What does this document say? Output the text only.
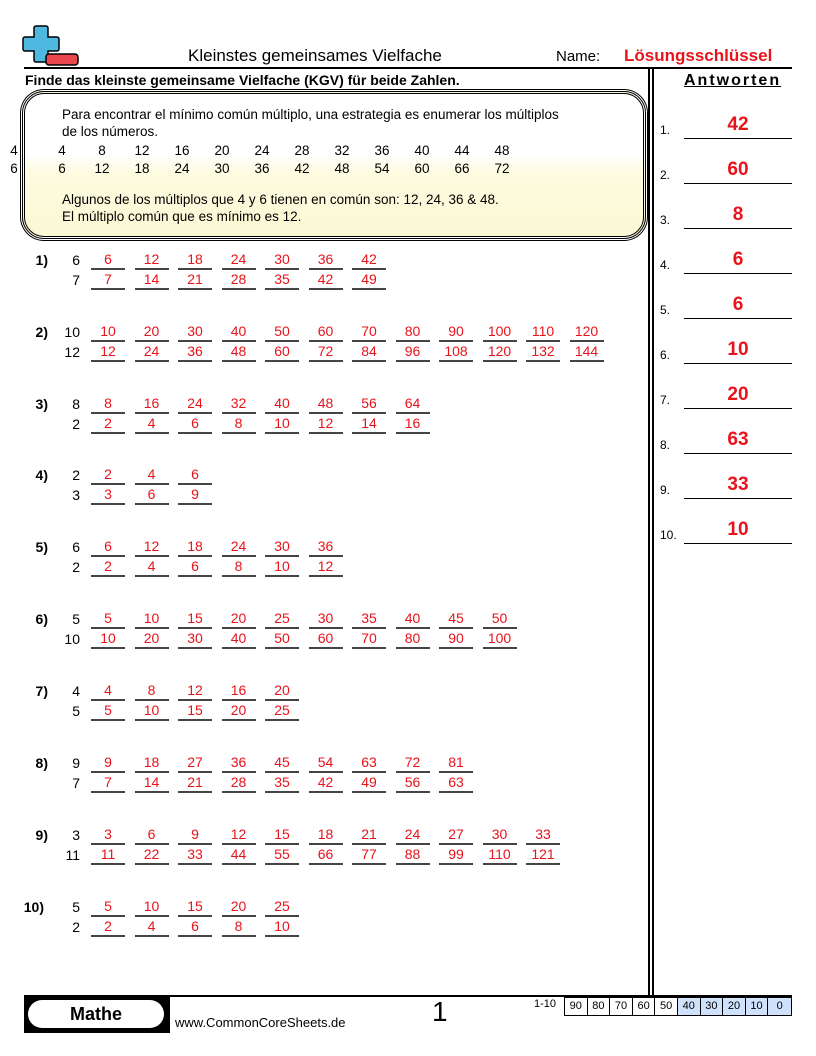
Kleinstes gemeinsames Vielfache	Name: Lösungsschlüssel
Finde das kleinste gemeinsame Vielfache (KGV) für beide Zahlen.	Antworten
Para encontrar el mínimo común múltiplo, una estrategia es enumerar los múltiplos
de los números.
4	4	8	12	16	20	24	28	32	36	40	44	48
6	6	12	18	24	30	36	42	48	54	60	66	72
Algunos de los múltiplos que 4 y 6 tienen en común son: 12, 24, 36 & 48.
El múltiplo común que es mínimo es 12.
1)	6	6	12	18	24	30	36	42
7	7	14	21	28	35	42	49
2)	10	10	20	30	40	50	60	70	80	90	100	110	120
12	12	24	36	48	60	72	84	96	108	120	132	144
3)	8	8	16	24	32	40	48	56	64
2	2	4	6	8	10	12	14	16
4)	2	2	4	6
3	3	6	9
5)	6	6	12	18	24	30	36
2	2	4	6	8	10	12
6)	5	5	10	15	20	25	30	35	40	45	50
10	10	20	30	40	50	60	70	80	90	100
7)	4	4	8	12	16	20
5	5	10	15	20	25
8)	9	9	18	27	36	45	54	63	72	81
7	7	14	21	28	35	42	49	56	63
9)	3	3	6	9	12	15	18	21	24	27	30	33
11	11	22	33	44	55	66	77	88	99	110	121
10)	5	5	10	15	20	25
2	2	4	6	8	10
1.	42
2.	60
3.	8
4.	6
5.	6
6.	10
7.	20
8.	63
9.	33
10.	10
Mathe	www.CommonCoreSheets.de	1	1-10	90 80 70 60 50 40 30 20 10	0
